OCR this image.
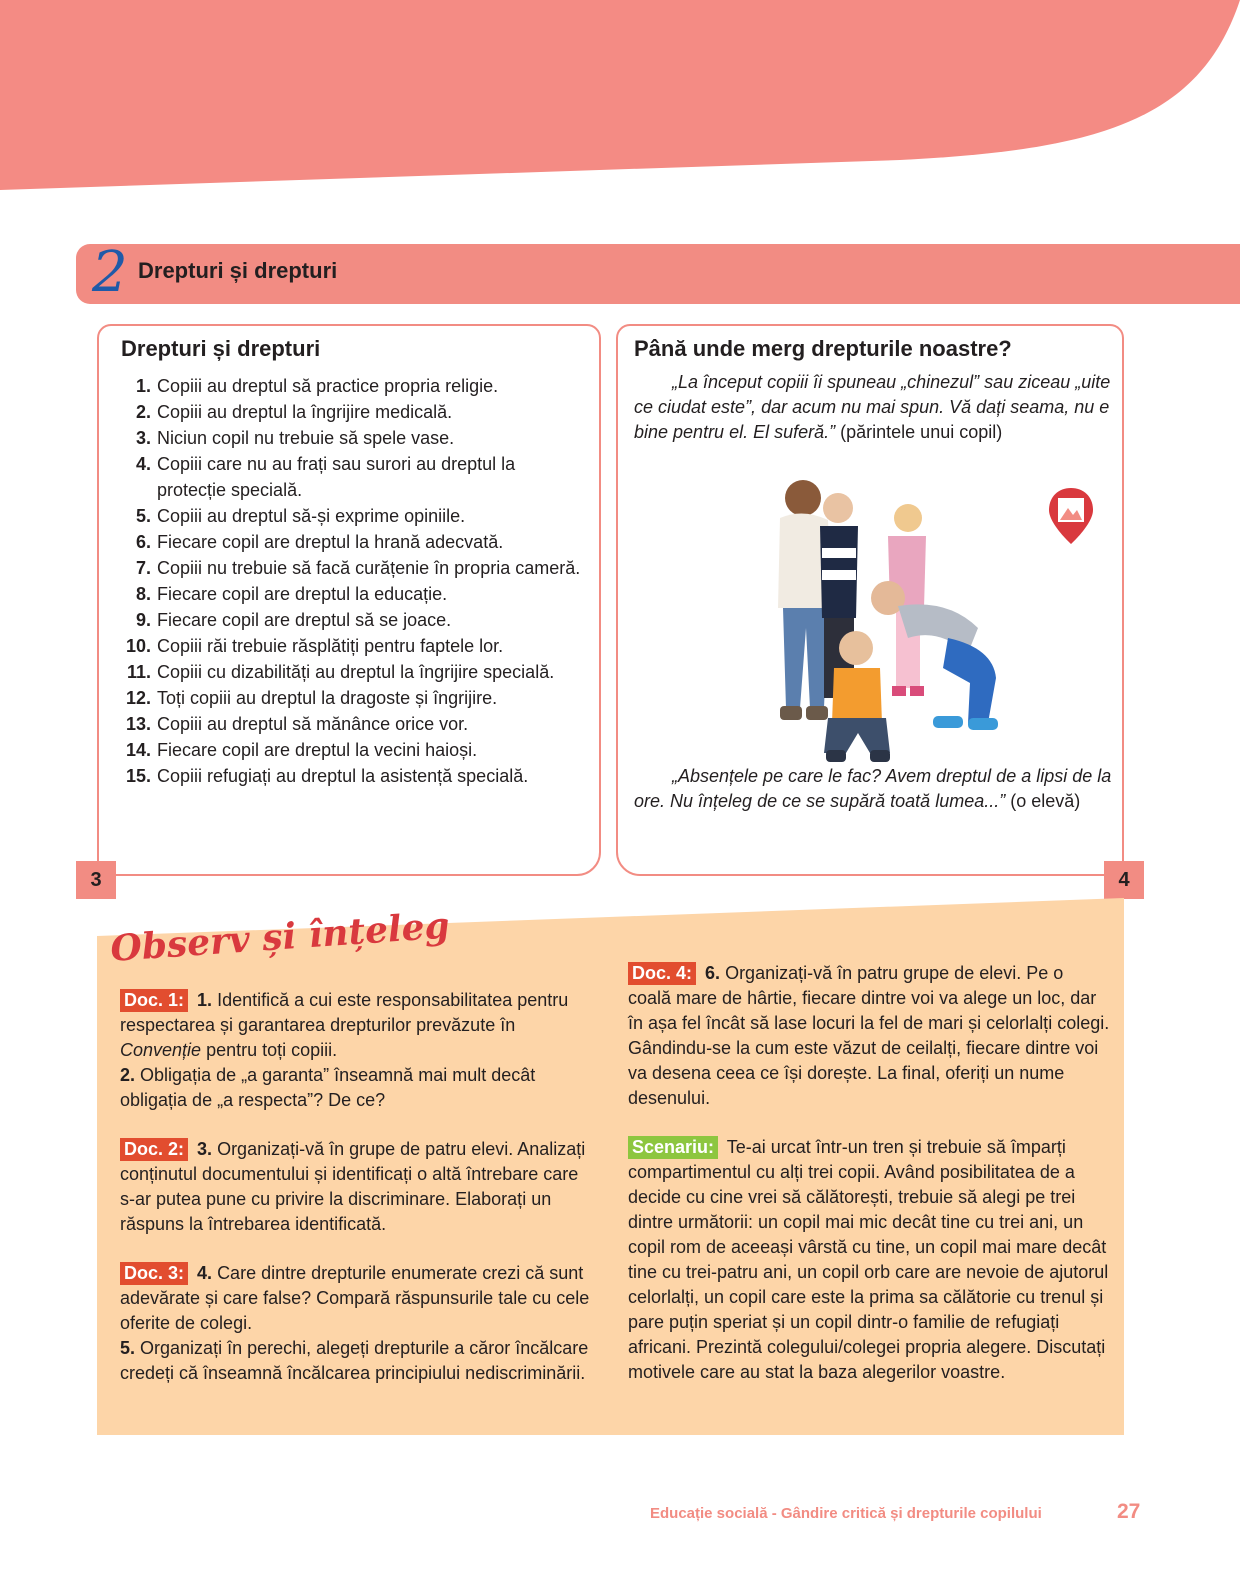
2 Drepturi și drepturi
Drepturi și drepturi
1. Copiii au dreptul să practice propria religie.
2. Copiii au dreptul la îngrijire medicală.
3. Niciun copil nu trebuie să spele vase.
4. Copiii care nu au frați sau surori au dreptul la protecție specială.
5. Copiii au dreptul să-și exprime opiniile.
6. Fiecare copil are dreptul la hrană adecvată.
7. Copiii nu trebuie să facă curățenie în propria cameră.
8. Fiecare copil are dreptul la educație.
9. Fiecare copil are dreptul să se joace.
10. Copiii răi trebuie răsplătiți pentru faptele lor.
11. Copiii cu dizabilități au dreptul la îngrijire specială.
12. Toți copiii au dreptul la dragoste și îngrijire.
13. Copiii au dreptul să mănânce orice vor.
14. Fiecare copil are dreptul la vecini haioși.
15. Copiii refugiați au dreptul la asistență specială.
3
Până unde merg drepturile noastre?
„La început copiii îi spuneau „chinezul” sau ziceau „uite ce ciudat este”, dar acum nu mai spun. Vă dați seama, nu e bine pentru el. El suferă.” (părintele unui copil)
„Absențele pe care le fac? Avem dreptul de a lipsi de la ore. Nu înțeleg de ce se supără toată lumea...” (o elevă)
4
Observ și înțeleg

Doc. 1: 1. Identifică a cui este responsabilitatea pentru respectarea și garantarea drepturilor prevăzute în Convenție pentru toți copiii.
2. Obligația de „a garanta” înseamnă mai mult decât obligația de „a respecta”? De ce?

Doc. 2: 3. Organizați-vă în grupe de patru elevi. Analizați conținutul documentului și identificați o altă întrebare care s-ar putea pune cu privire la discriminare. Elaborați un răspuns la întrebarea identificată.

Doc. 3: 4. Care dintre drepturile enumerate crezi că sunt adevărate și care false? Compară răspunsurile tale cu cele oferite de colegi.
5. Organizați în perechi, alegeți drepturile a căror încălcare credeți că înseamnă încălcarea principiului nediscriminării.

Doc. 4: 6. Organizați-vă în patru grupe de elevi. Pe o coală mare de hârtie, fiecare dintre voi va alege un loc, dar în așa fel încât să lase locuri la fel de mari și celorlalți colegi. Gândindu-se la cum este văzut de ceilalți, fiecare dintre voi va desena ceea ce își dorește. La final, oferiți un nume desenului.

Scenariu: Te-ai urcat într-un tren și trebuie să împarți compartimentul cu alți trei copii. Având posibilitatea de a decide cu cine vrei să călătorești, trebuie să alegi pe trei dintre următorii: un copil mai mic decât tine cu trei ani, un copil rom de aceeași vârstă cu tine, un copil mai mare decât tine cu trei-patru ani, un copil orb care are nevoie de ajutorul celorlalți, un copil care este la prima sa călătorie cu trenul și pare puțin speriat și un copil dintr-o familie de refugiați africani. Prezintă colegului/colegei propria alegere. Discutați motivele care au stat la baza alegerilor voastre.

Educație socială - Gândire critică și drepturile copilului	27
